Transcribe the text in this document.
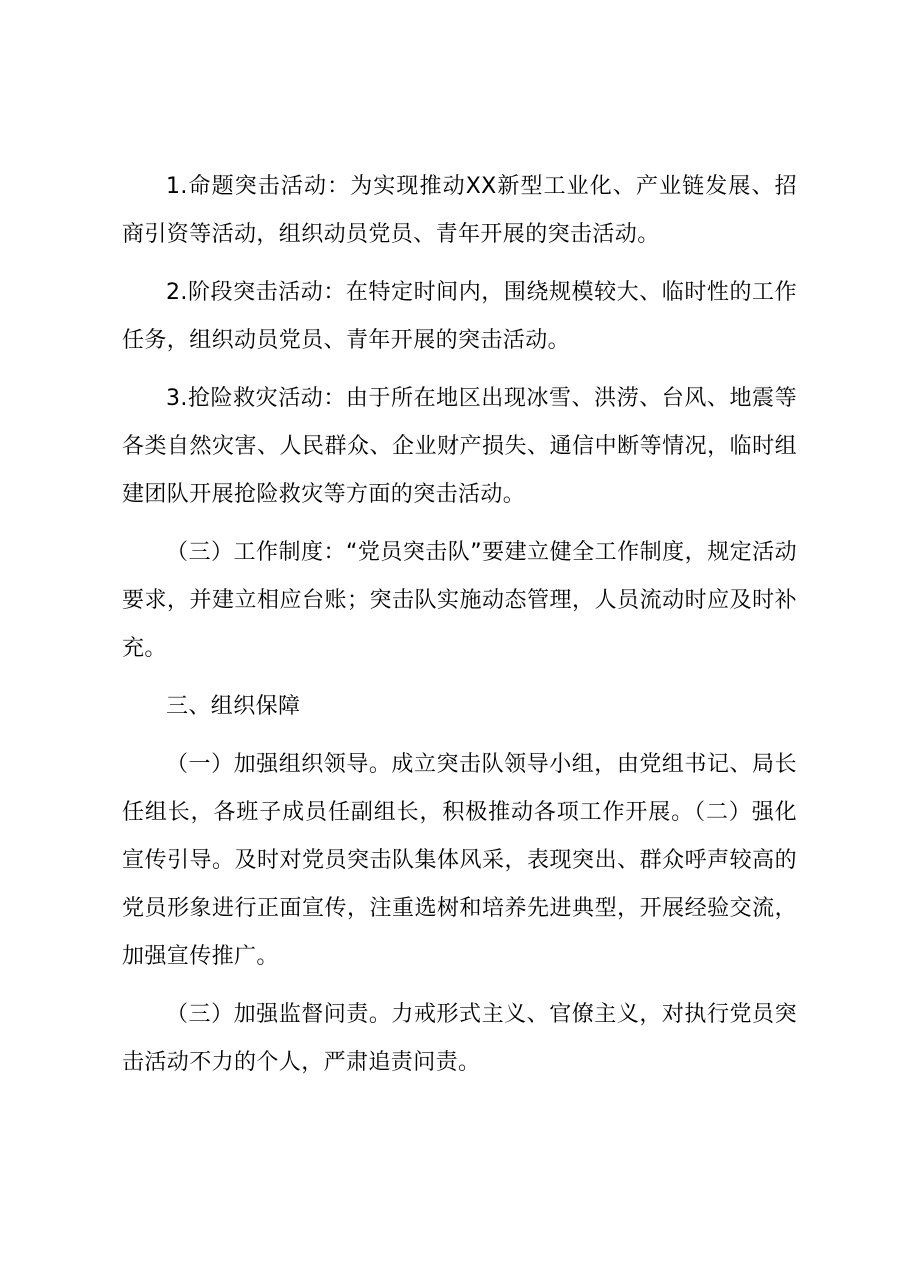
1.命题突击活动：为实现推动XX新型工业化、产业链发展、招商引资等活动，组织动员党员、青年开展的突击活动。

2.阶段突击活动：在特定时间内，围绕规模较大、临时性的工作任务，组织动员党员、青年开展的突击活动。

3.抢险救灾活动：由于所在地区出现冰雪、洪涝、台风、地震等各类自然灾害、人民群众、企业财产损失、通信中断等情况，临时组建团队开展抢险救灾等方面的突击活动。

（三）工作制度：“党员突击队”要建立健全工作制度，规定活动要求，并建立相应台账；突击队实施动态管理，人员流动时应及时补充。

三、组织保障

（一）加强组织领导。成立突击队领导小组，由党组书记、局长任组长，各班子成员任副组长，积极推动各项工作开展。（二）强化宣传引导。及时对党员突击队集体风采，表现突出、群众呼声较高的党员形象进行正面宣传，注重选树和培养先进典型，开展经验交流，加强宣传推广。

（三）加强监督问责。力戒形式主义、官僚主义，对执行党员突击活动不力的个人，严肃追责问责。
